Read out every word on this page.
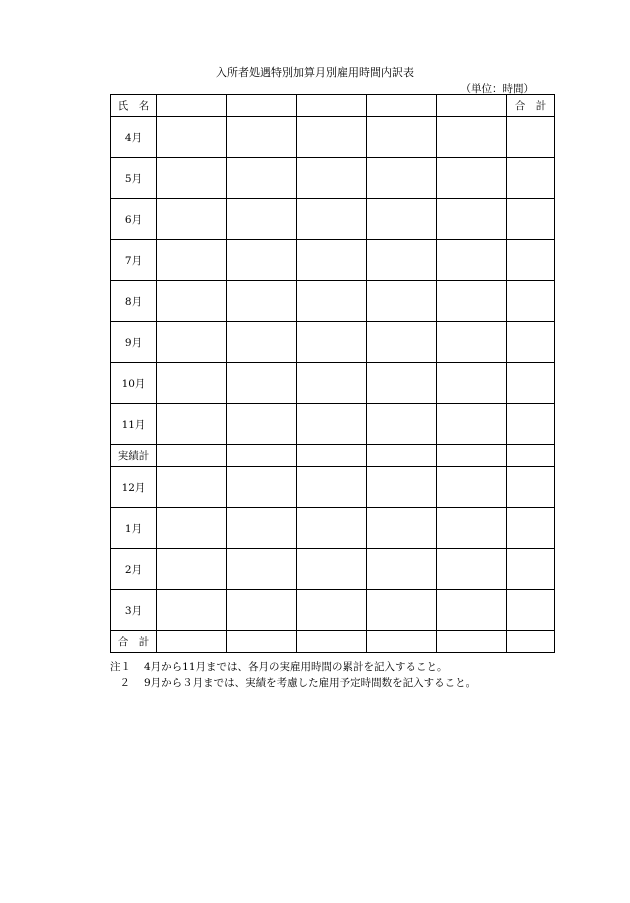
入所者処遇特別加算月別雇用時間内訳表
（単位：時間）
氏　名						合　計
4月						
5月						
6月						
7月						
8月						
9月						
10月						
11月						
実績計						
12月						
1月						
2月						
3月						
合　計						
注１ 4月から11月までは、各月の実雇用時間の累計を記入すること。
２ 9月から３月までは、実績を考慮した雇用予定時間数を記入すること。
